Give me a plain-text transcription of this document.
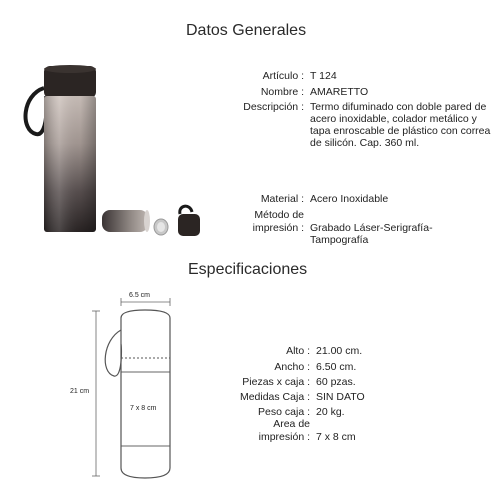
Datos Generales
Especificaciones
Artículo : T 124
Nombre : AMARETTO
Descripción : Termo difuminado con doble pared de acero inoxidable, colador metálico y tapa enroscable de plástico con correa de silicón. Cap. 360 ml.
Material : Acero Inoxidable
Método de
impresión : Grabado Láser-Serigrafía-
Tampografía
6.5 cm
21 cm
7 x 8 cm
Alto : 21.00 cm.
Ancho : 6.50 cm.
Piezas x caja : 60 pzas.
Medidas Caja : SIN DATO
Peso caja : 20 kg.
Area de
impresión : 7 x 8 cm
